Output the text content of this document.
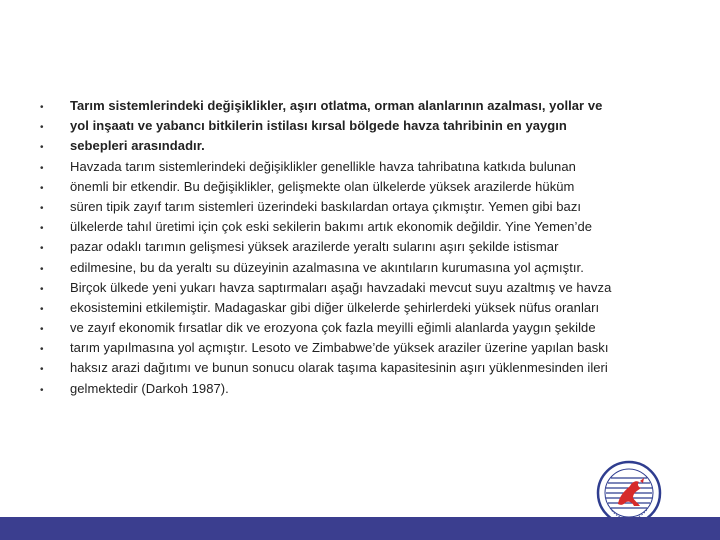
•	Tarım sistemlerindeki değişiklikler, aşırı otlatma, orman alanlarının azalması, yollar ve
•	yol inşaatı ve yabancı bitkilerin istilası kırsal bölgede havza tahribinin en yaygın
•	sebepleri arasındadır.
•	Havzada tarım sistemlerindeki değişiklikler genellikle havza tahribatına katkıda bulunan
•	önemli bir etkendir. Bu değişiklikler, gelişmekte olan ülkelerde yüksek arazilerde hüküm
•	süren tipik zayıf tarım sistemleri üzerindeki baskılardan ortaya çıkmıştır. Yemen gibi bazı
•	ülkelerde tahıl üretimi için çok eski sekilerin bakımı artık ekonomik değildir. Yine Yemen’de
•	pazar odaklı tarımın gelişmesi yüksek arazilerde yeraltı sularını aşırı şekilde istismar
•	edilmesine, bu da yeraltı su düzeyinin azalmasına ve akıntıların kurumasına yol açmıştır.
•	Birçok ülkede yeni yukarı havza saptırmaları aşağı havzadaki mevcut suyu azaltmış ve havza
•	ekosistemini etkilemiştir. Madagaskar gibi diğer ülkelerde şehirlerdeki yüksek nüfus oranları
•	ve zayıf ekonomik fırsatlar dik ve erozyona çok fazla meyilli eğimli alanlarda yaygın şekilde
•	tarım yapılmasına yol açmıştır. Lesoto ve Zimbabwe’de yüksek araziler üzerine yapılan baskı
•	haksız arazi dağıtımı ve bunun sonucu olarak taşıma kapasitesinin aşırı yüklenmesinden ileri
•	gelmektedir (Darkoh 1987).
